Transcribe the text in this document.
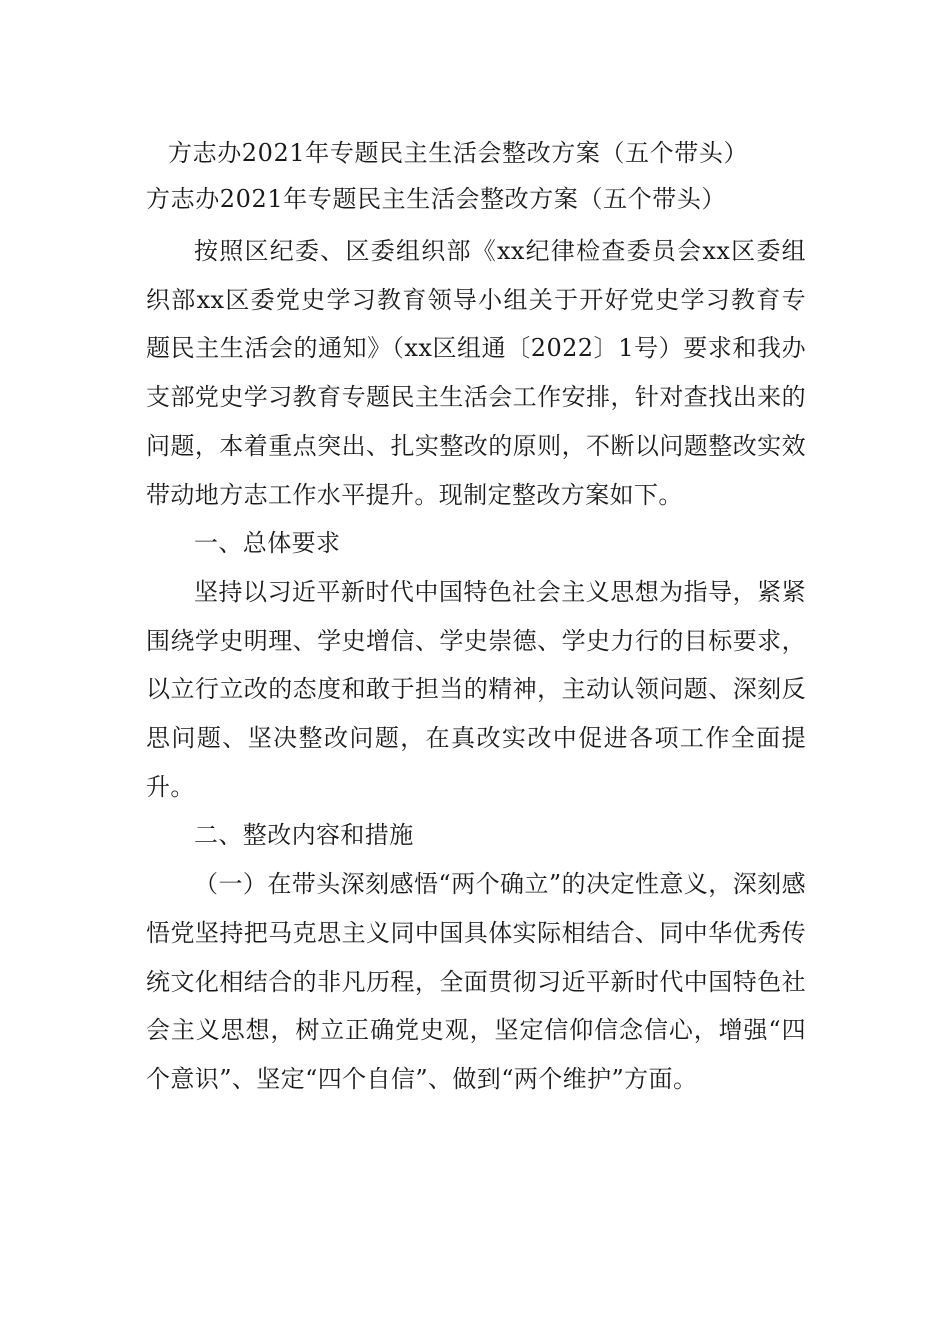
方志办2021年专题民主生活会整改方案（五个带头）
方志办2021年专题民主生活会整改方案（五个带头）

按照区纪委、区委组织部《xx纪律检查委员会xx区委组织部xx区委党史学习教育领导小组关于开好党史学习教育专题民主生活会的通知》（xx区组通〔2022〕1号）要求和我办支部党史学习教育专题民主生活会工作安排，针对查找出来的问题，本着重点突出、扎实整改的原则，不断以问题整改实效带动地方志工作水平提升。现制定整改方案如下。

一、总体要求

坚持以习近平新时代中国特色社会主义思想为指导，紧紧围绕学史明理、学史增信、学史崇德、学史力行的目标要求，以立行立改的态度和敢于担当的精神，主动认领问题、深刻反思问题、坚决整改问题，在真改实改中促进各项工作全面提升。

二、整改内容和措施

（一）在带头深刻感悟“两个确立”的决定性意义，深刻感悟党坚持把马克思主义同中国具体实际相结合、同中华优秀传统文化相结合的非凡历程，全面贯彻习近平新时代中国特色社会主义思想，树立正确党史观，坚定信仰信念信心，增强“四个意识”、坚定“四个自信”、做到“两个维护”方面。
